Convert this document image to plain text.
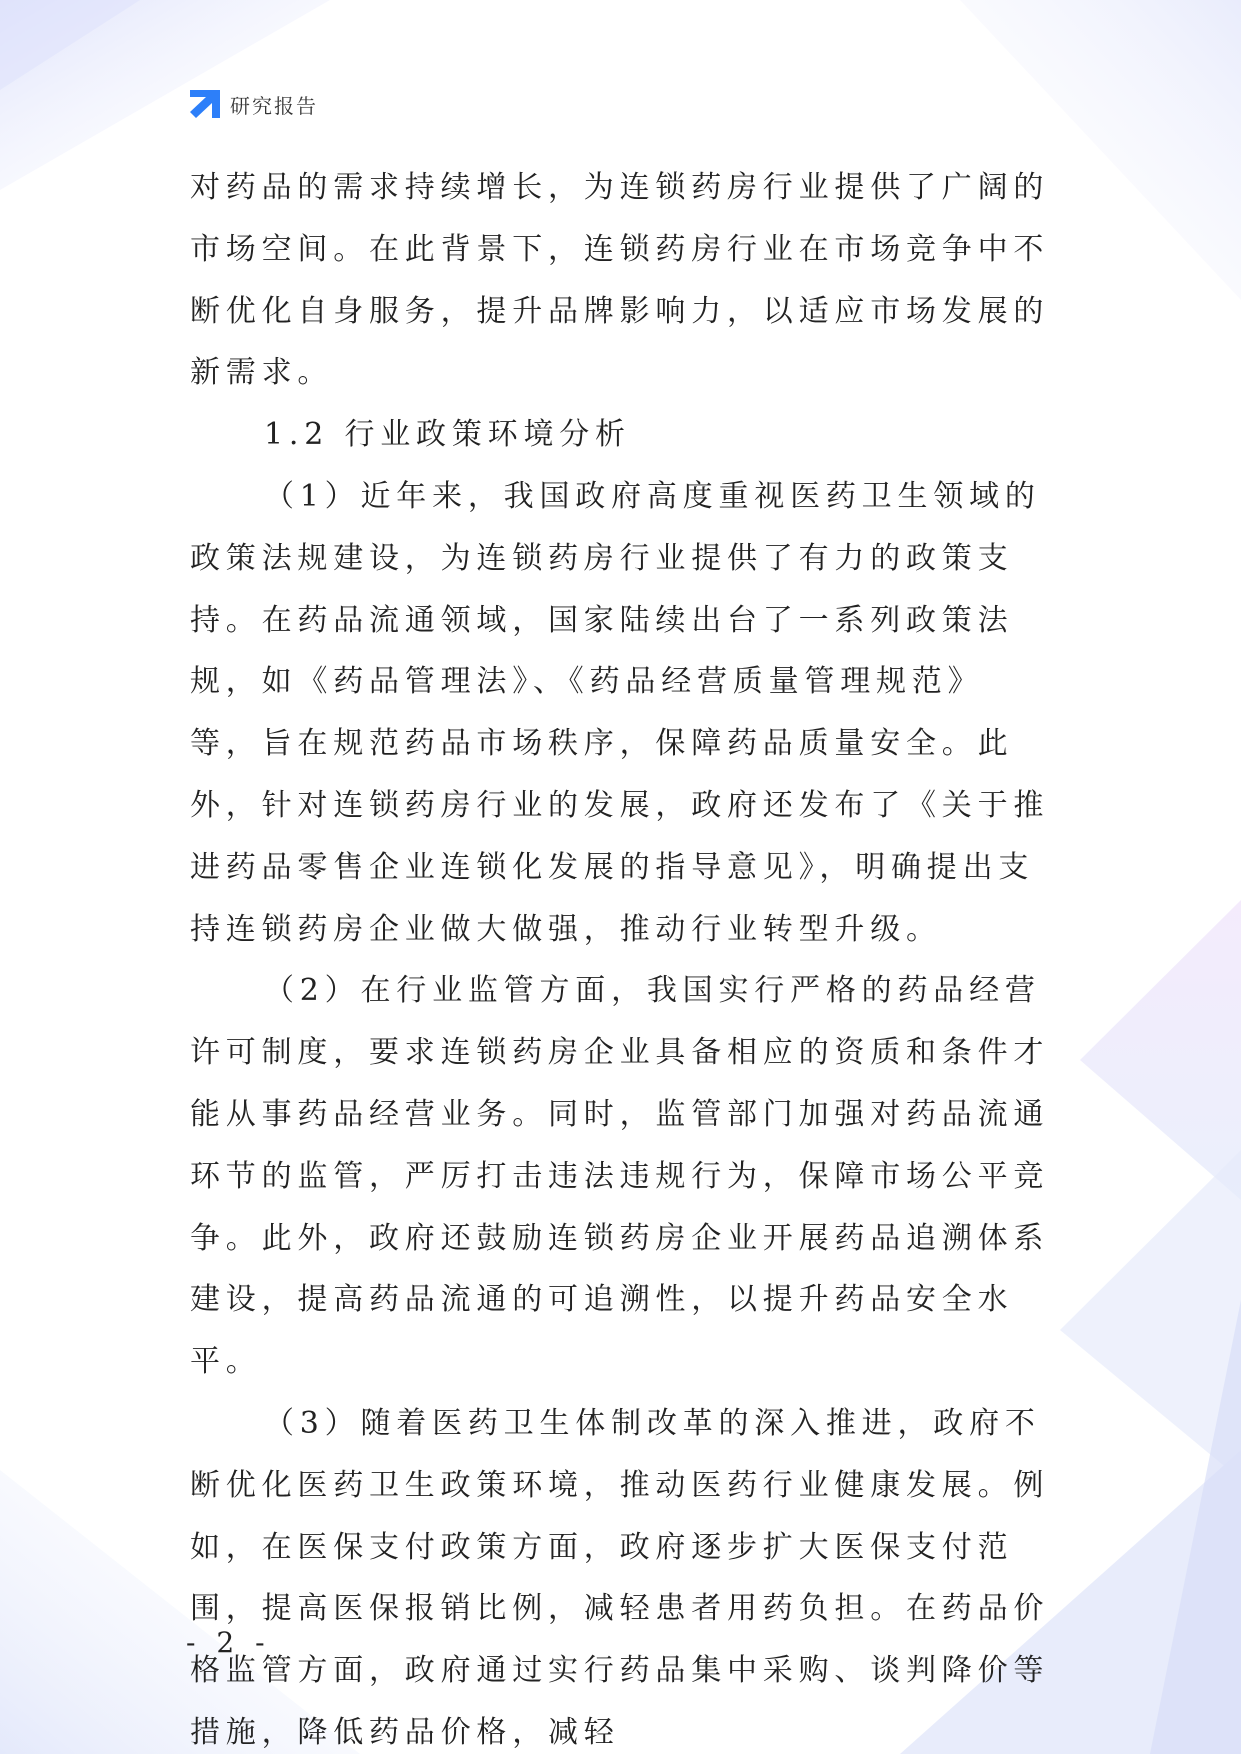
研究报告

对药品的需求持续增长，为连锁药房行业提供了广阔的市场空间。在此背景下，连锁药房行业在市场竞争中不断优化自身服务，提升品牌影响力，以适应市场发展的新需求。

1.2 行业政策环境分析

（1）近年来，我国政府高度重视医药卫生领域的政策法规建设，为连锁药房行业提供了有力的政策支持。在药品流通领域，国家陆续出台了一系列政策法规，如《药品管理法》、《药品经营质量管理规范》等，旨在规范药品市场秩序，保障药品质量安全。此外，针对连锁药房行业的发展，政府还发布了《关于推进药品零售企业连锁化发展的指导意见》，明确提出支持连锁药房企业做大做强，推动行业转型升级。

（2）在行业监管方面，我国实行严格的药品经营许可制度，要求连锁药房企业具备相应的资质和条件才能从事药品经营业务。同时，监管部门加强对药品流通环节的监管，严厉打击违法违规行为，保障市场公平竞争。此外，政府还鼓励连锁药房企业开展药品追溯体系建设，提高药品流通的可追溯性，以提升药品安全水平。

（3）随着医药卫生体制改革的深入推进，政府不断优化医药卫生政策环境，推动医药行业健康发展。例如，在医保支付政策方面，政府逐步扩大医保支付范围，提高医保报销比例，减轻患者用药负担。在药品价格监管方面，政府通过实行药品集中采购、谈判降价等措施，降低药品价格，减轻

- 2 -
